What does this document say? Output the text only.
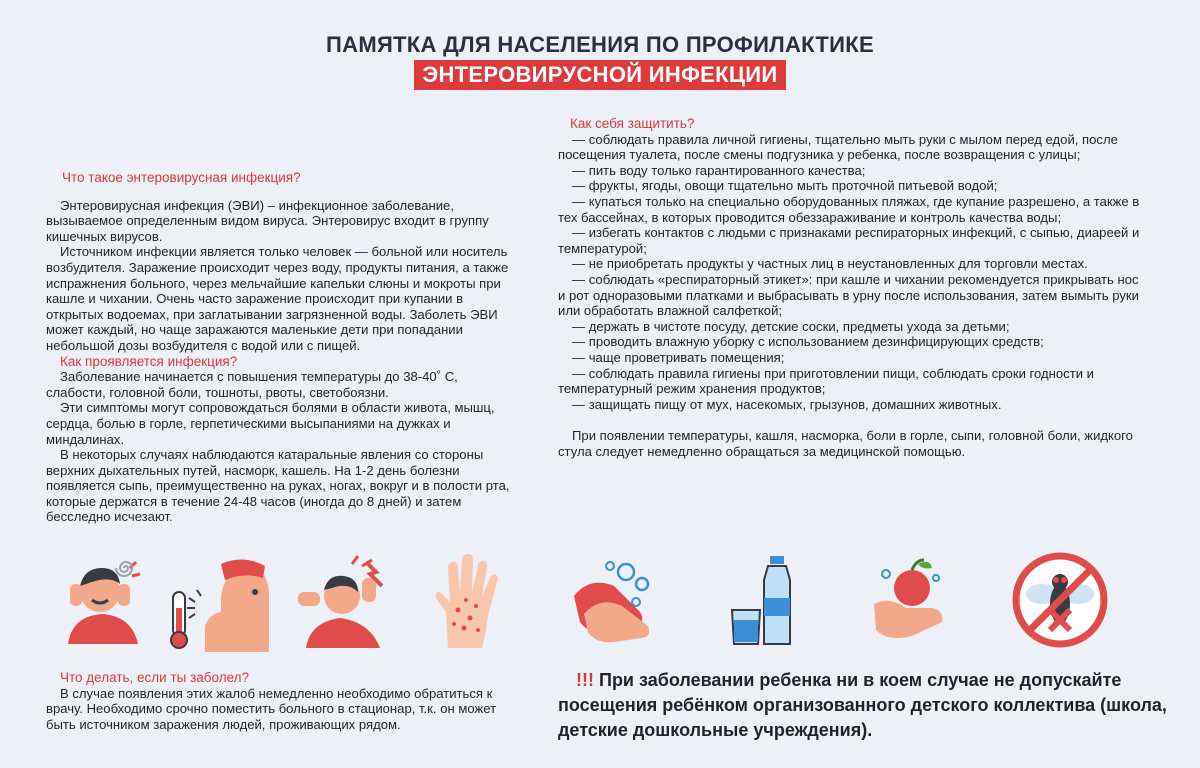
ПАМЯТКА ДЛЯ НАСЕЛЕНИЯ ПО ПРОФИЛАКТИКЕ
ЭНТЕРОВИРУСНОЙ ИНФЕКЦИИ

Что такое энтеровирусная инфекция?

Энтеровирусная инфекция (ЭВИ) – инфекционное заболевание, вызываемое определенным видом вируса. Энтеровирус входит в группу кишечных вирусов.

Источником инфекции является только человек — больной или носитель возбудителя. Заражение происходит через воду, продукты питания, а также испражнения больного, через мельчайшие капельки слюны и мокроты при кашле и чихании. Очень часто заражение происходит при купании в открытых водоемах, при заглатывании загрязненной воды. Заболеть ЭВИ может каждый, но чаще заражаются маленькие дети при попадании небольшой дозы возбудителя с водой или с пищей.

Как проявляется инфекция?

Заболевание начинается с повышения температуры до 38-40˚ С, слабости, головной боли, тошноты, рвоты, светобоязни.

Эти симптомы могут сопровождаться болями в области живота, мышц, сердца, болью в горле, герпетическими высыпаниями на дужках и миндалинах.

В некоторых случаях наблюдаются катаральные явления со стороны верхних дыхательных путей, насморк, кашель. На 1-2 день болезни появляется сыпь, преимущественно на руках, ногах, вокруг и в полости рта, которые держатся в течение 24-48 часов (иногда до 8 дней) и затем бесследно исчезают.

Как себя защитить?

— соблюдать правила личной гигиены, тщательно мыть руки с мылом перед едой, после посещения туалета, после смены подгузника у ребенка, после возвращения с улицы;

— пить воду только гарантированного качества;

— фрукты, ягоды, овощи тщательно мыть проточной питьевой водой;

— купаться только на специально оборудованных пляжах, где купание разрешено, а также в тех бассейнах, в которых проводится обеззараживание и контроль качества воды;

— избегать контактов с людьми с признаками респираторных инфекций, с сыпью, диареей и температурой;

— не приобретать продукты у частных лиц в неустановленных для торговли местах.

— соблюдать «респираторный этикет»: при кашле и чихании рекомендуется прикрывать нос и рот одноразовыми платками и выбрасывать в урну после использования, затем вымыть руки или обработать влажной салфеткой;

— держать в чистоте посуду, детские соски, предметы ухода за детьми;

— проводить влажную уборку с использованием дезинфицирующих средств;

— чаще проветривать помещения;

— соблюдать правила гигиены при приготовлении пищи, соблюдать сроки годности и температурный режим хранения продуктов;

— защищать пищу от мух, насекомых, грызунов, домашних животных.

При появлении температуры, кашля, насморка, боли в горле, сыпи, головной боли, жидкого стула следует немедленно обращаться за медицинской помощью.

Что делать, если ты заболел?

В случае появления этих жалоб немедленно необходимо обратиться к врачу. Необходимо срочно поместить больного в стационар, т.к. он может быть источником заражения людей, проживающих рядом.

!!! При заболевании ребенка ни в коем случае не допускайте посещения ребёнком организованного детского коллектива (школа, детские дошкольные учреждения).
